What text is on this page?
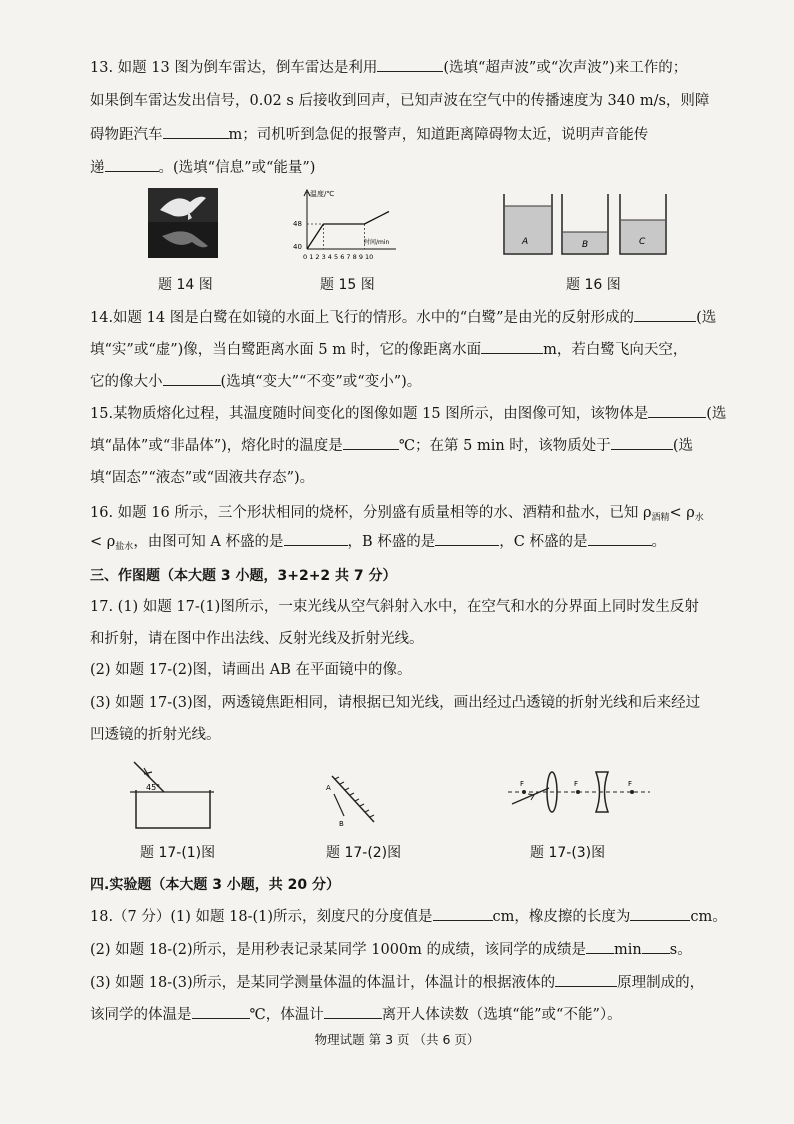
13. 如题 13 图为倒车雷达，倒车雷达是利用	(选填“超声波”或“次声波”)来工作的；
如果倒车雷达发出信号，0.02 s 后接收到回声，已知声波在空气中的传播速度为 340 m/s，则障
碍物距汽车	m；司机听到急促的报警声，知道距离障碍物太近，说明声音能传
递	。(选填“信息”或“能量”)
温度/℃
48
40
时间/min
0 1 2 3 4 5 6 7 8 9 10
A	B	C
题 14 图	题 15 图	题 16 图
14.如题 14 图是白鹭在如镜的水面上飞行的情形。水中的“白鹭”是由光的反射形成的	(选
填“实”或“虚”)像，当白鹭距离水面 5 m 时，它的像距离水面	m，若白鹭飞向天空，
它的像大小	(选填“变大”“不变”或“变小”)。
15.某物质熔化过程，其温度随时间变化的图像如题 15 图所示，由图像可知，该物体是	(选
填“晶体”或“非晶体”)，熔化时的温度是	℃；在第 5 min 时，该物质处于	(选
填“固态”“液态”或“固液共存态”)。
16. 如题 16 所示，三个形状相同的烧杯，分别盛有质量相等的水、酒精和盐水，已知 $\rho_{酒精}< \rho_水$
< $\rho_{盐水}$，由图可知 A 杯盛的是	，B 杯盛的是	，C 杯盛的是	。
三、作图题（本大题 3 小题，3+2+2 共 7 分）
17. (1) 如题 17-(1)图所示，一束光线从空气斜射入水中，在空气和水的分界面上同时发生反射
和折射，请在图中作出法线、反射光线及折射光线。
(2) 如题 17-(2)图，请画出 AB 在平面镜中的像。
(3) 如题 17-(3)图，两透镜焦距相同，请根据已知光线，画出经过凸透镜的折射光线和后来经过
凹透镜的折射光线。
45°	A
B
F	F	F
题 17-(1)图	题 17-(2)图	题 17-(3)图
四.实验题（本大题 3 小题，共 20 分）
18.（7 分）(1) 如题 18-(1)所示，刻度尺的分度值是	cm，橡皮擦的长度为	cm。
(2) 如题 18-(2)所示，是用秒表记录某同学 1000m 的成绩，该同学的成绩是 min s。
(3) 如题 18-(3)所示，是某同学测量体温的体温计，体温计的根据液体的	原理制成的，
该同学的体温是	℃，体温计	离开人体读数（选填“能”或“不能”）。
物理试题 第 3 页 （共 6 页）
